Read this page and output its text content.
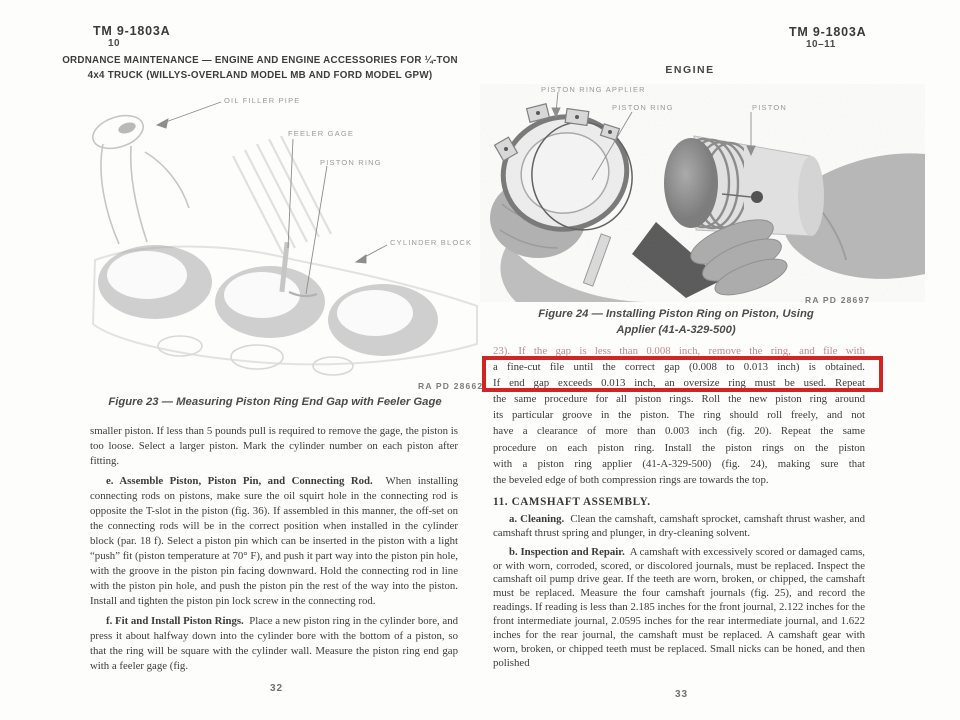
TM 9-1803A
10
ORDNANCE MAINTENANCE — ENGINE AND ENGINE ACCESSORIES FOR ¼-TON
4x4 TRUCK (WILLYS-OVERLAND MODEL MB AND FORD MODEL GPW)
OIL FILLER PIPE
FEELER GAGE
PISTON RING
CYLINDER BLOCK
RA PD 28662
Figure 23 — Measuring Piston Ring End Gap with Feeler Gage

smaller piston. If less than 5 pounds pull is required to remove the gage, the piston is too loose. Select a larger piston. Mark the cylinder number on each piston after fitting.

e. Assemble Piston, Piston Pin, and Connecting Rod. When installing connecting rods on pistons, make sure the oil squirt hole in the connecting rod is opposite the T-slot in the piston (fig. 36). If assembled in this manner, the off-set on the connecting rods will be in the correct position when installed in the cylinder block (par. 18 f). Select a piston pin which can be inserted in the piston with a light “push” fit (piston temperature at 70° F), and push it part way into the piston pin hole, with the groove in the piston pin facing downward. Hold the connecting rod in line with the piston pin hole, and push the piston pin the rest of the way into the piston. Install and tighten the piston pin lock screw in the connecting rod.

f. Fit and Install Piston Rings. Place a new piston ring in the cylinder bore, and press it about halfway down into the cylinder bore with the bottom of a piston, so that the ring will be square with the cylinder wall. Measure the piston ring end gap with a feeler gage (fig.

32
TM 9-1803A
10–11
ENGINE
PISTON RING APPLIER
PISTON RING	PISTON
RA PD 28697
Figure 24 — Installing Piston Ring on Piston, Using
Applier (41-A-329-500)
23). If the gap is less than 0.008 inch, remove the ring, and file with
a fine-cut file until the correct gap (0.008 to 0.013 inch) is obtained.
If end gap exceeds 0.013 inch, an oversize ring must be used. Repeat
the same procedure for all piston rings. Roll the new piston ring around
its particular groove in the piston. The ring should roll freely, and not
have a clearance of more than 0.003 inch (fig. 20). Repeat the same
procedure on each piston ring. Install the piston rings on the piston
with a piston ring applier (41-A-329-500) (fig. 24), making sure that
the beveled edge of both compression rings are towards the top.
11. CAMSHAFT ASSEMBLY.
a. Cleaning. Clean the camshaft, camshaft sprocket, camshaft thrust washer, and camshaft thrust spring and plunger, in dry-cleaning solvent.
b. Inspection and Repair. A camshaft with excessively scored or damaged cams, or with worn, corroded, scored, or discolored journals, must be replaced. Inspect the camshaft oil pump drive gear. If the teeth are worn, broken, or chipped, the camshaft must be replaced. Measure the four camshaft journals (fig. 25), and record the readings. If reading is less than 2.185 inches for the front journal, 2.122 inches for the front intermediate journal, 2.0595 inches for the rear intermediate journal, and 1.622 inches for the rear journal, the camshaft must be replaced. A camshaft gear with worn, broken, or chipped teeth must be replaced. Small nicks can be honed, and then polished
33
